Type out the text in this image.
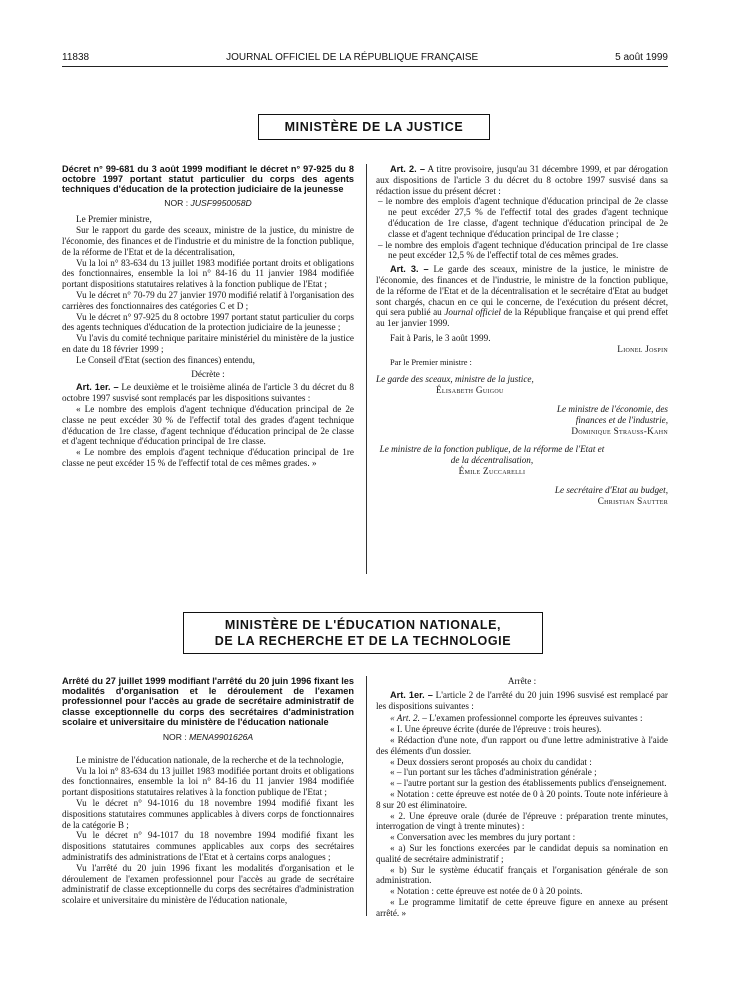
11838	JOURNAL OFFICIEL DE LA RÉPUBLIQUE FRANÇAISE	5 août 1999
MINISTÈRE DE LA JUSTICE

Décret n° 99-681 du 3 août 1999 modifiant le décret n° 97-925 du 8 octobre 1997 portant statut particulier du corps des agents techniques d'éducation de la protection judiciaire de la jeunesse

NOR : JUSF9950058D

Le Premier ministre,

Sur le rapport du garde des sceaux, ministre de la justice, du ministre de l'économie, des finances et de l'industrie et du ministre de la fonction publique, de la réforme de l'Etat et de la décentralisation,

Vu la loi n° 83-634 du 13 juillet 1983 modifiée portant droits et obligations des fonctionnaires, ensemble la loi n° 84-16 du 11 janvier 1984 modifiée portant dispositions statutaires relatives à la fonction publique de l'Etat ;

Vu le décret n° 70-79 du 27 janvier 1970 modifié relatif à l'organisation des carrières des fonctionnaires des catégories C et D ;

Vu le décret n° 97-925 du 8 octobre 1997 portant statut particulier du corps des agents techniques d'éducation de la protection judiciaire de la jeunesse ;

Vu l'avis du comité technique paritaire ministériel du ministère de la justice en date du 18 février 1999 ;

Le Conseil d'Etat (section des finances) entendu,

Décrète :

Art. 1er. – Le deuxième et le troisième alinéa de l'article 3 du décret du 8 octobre 1997 susvisé sont remplacés par les dispositions suivantes :

« Le nombre des emplois d'agent technique d'éducation principal de 2e classe ne peut excéder 30 % de l'effectif total des grades d'agent technique d'éducation de 1re classe, d'agent technique d'éducation principal de 2e classe et d'agent technique d'éducation principal de 1re classe.

« Le nombre des emplois d'agent technique d'éducation principal de 1re classe ne peut excéder 15 % de l'effectif total de ces mêmes grades. »

Art. 2. – A titre provisoire, jusqu'au 31 décembre 1999, et par dérogation aux dispositions de l'article 3 du décret du 8 octobre 1997 susvisé dans sa rédaction issue du présent décret :

– le nombre des emplois d'agent technique d'éducation principal de 2e classe ne peut excéder 27,5 % de l'effectif total des grades d'agent technique d'éducation de 1re classe, d'agent technique d'éducation principal de 2e classe et d'agent technique d'éducation principal de 1re classe ;

– le nombre des emplois d'agent technique d'éducation principal de 1re classe ne peut excéder 12,5 % de l'effectif total de ces mêmes grades.

Art. 3. – Le garde des sceaux, ministre de la justice, le ministre de l'économie, des finances et de l'industrie, le ministre de la fonction publique, de la réforme de l'Etat et de la décentralisation et le secrétaire d'Etat au budget sont chargés, chacun en ce qui le concerne, de l'exécution du présent décret, qui sera publié au Journal officiel de la République française et qui prend effet au 1er janvier 1999.

Fait à Paris, le 3 août 1999.

Lionel Jospin

Par le Premier ministre :

Le garde des sceaux, ministre de la justice,

Élisabeth Guigou

Le ministre de l'économie, des finances et de l'industrie,

Dominique Strauss-Kahn

Le ministre de la fonction publique, de la réforme de l'Etat et de la décentralisation,

Émile Zuccarelli

Le secrétaire d'Etat au budget,

Christian Sautter

MINISTÈRE DE L'ÉDUCATION NATIONALE,
DE LA RECHERCHE ET DE LA TECHNOLOGIE

Arrêté du 27 juillet 1999 modifiant l'arrêté du 20 juin 1996 fixant les modalités d'organisation et le déroulement de l'examen professionnel pour l'accès au grade de secrétaire administratif de classe exceptionnelle du corps des secrétaires d'administration scolaire et universitaire du ministère de l'éducation nationale

NOR : MENA9901626A

Le ministre de l'éducation nationale, de la recherche et de la technologie,

Vu la loi n° 83-634 du 13 juillet 1983 modifiée portant droits et obligations des fonctionnaires, ensemble la loi n° 84-16 du 11 janvier 1984 modifiée portant dispositions statutaires relatives à la fonction publique de l'Etat ;

Vu le décret n° 94-1016 du 18 novembre 1994 modifié fixant les dispositions statutaires communes applicables à divers corps de fonctionnaires de la catégorie B ;

Vu le décret n° 94-1017 du 18 novembre 1994 modifié fixant les dispositions statutaires communes applicables aux corps des secrétaires administratifs des administrations de l'Etat et à certains corps analogues ;

Vu l'arrêté du 20 juin 1996 fixant les modalités d'organisation et le déroulement de l'examen professionnel pour l'accès au grade de secrétaire administratif de classe exceptionnelle du corps des secrétaires d'administration scolaire et universitaire du ministère de l'éducation nationale,

Arrête :

Art. 1er. – L'article 2 de l'arrêté du 20 juin 1996 susvisé est remplacé par les dispositions suivantes :

« Art. 2. – L'examen professionnel comporte les épreuves suivantes :

« I. Une épreuve écrite (durée de l'épreuve : trois heures).

« Rédaction d'une note, d'un rapport ou d'une lettre administrative à l'aide des éléments d'un dossier.

« Deux dossiers seront proposés au choix du candidat :

« – l'un portant sur les tâches d'administration générale ;

« – l'autre portant sur la gestion des établissements publics d'enseignement.

« Notation : cette épreuve est notée de 0 à 20 points. Toute note inférieure à 8 sur 20 est éliminatoire.

« 2. Une épreuve orale (durée de l'épreuve : préparation trente minutes, interrogation de vingt à trente minutes) :

« Conversation avec les membres du jury portant :

« a) Sur les fonctions exercées par le candidat depuis sa nomination en qualité de secrétaire administratif ;

« b) Sur le système éducatif français et l'organisation générale de son administration.

« Notation : cette épreuve est notée de 0 à 20 points.

« Le programme limitatif de cette épreuve figure en annexe au présent arrêté. »
